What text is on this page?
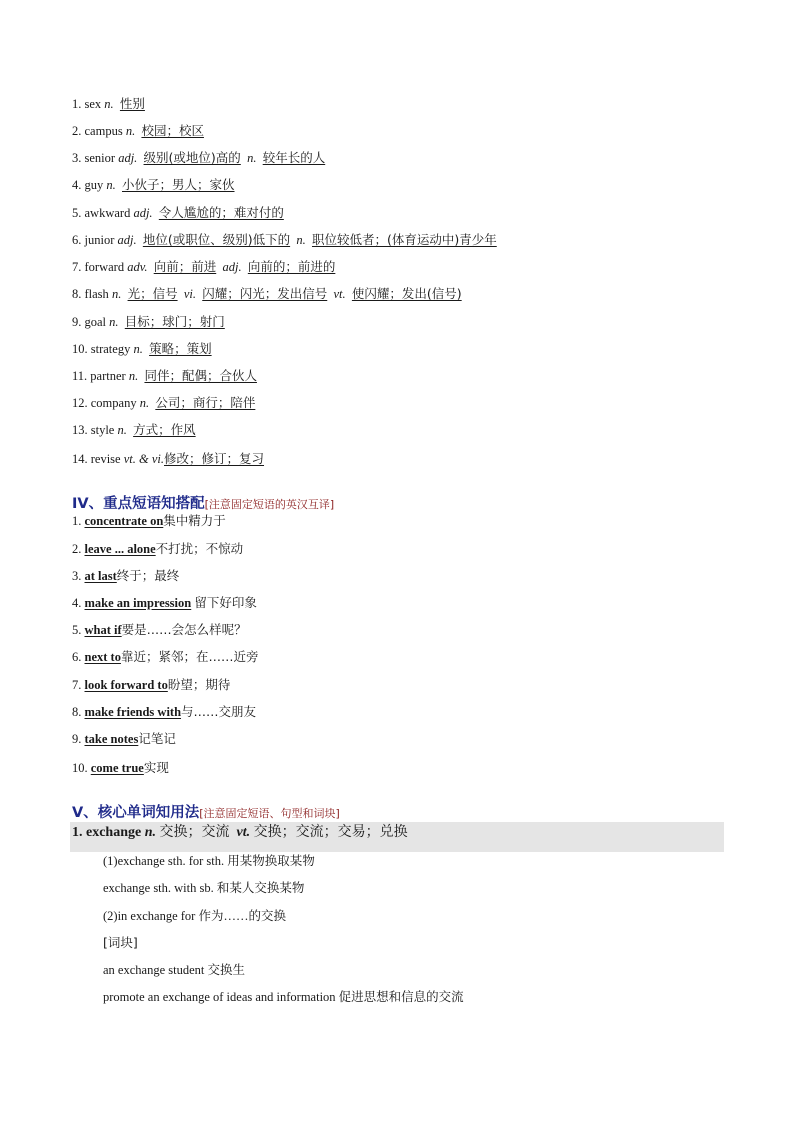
1. sex n. 性别
2. campus n. 校园；校区
3. senior adj. 级别(或地位)高的 n. 较年长的人
4. guy n. 小伙子；男人；家伙
5. awkward adj. 令人尴尬的；难对付的
6. junior adj. 地位(或职位、级别)低下的 n. 职位较低者；(体育运动中)青少年
7. forward adv. 向前；前进 adj. 向前的；前进的
8. flash n. 光；信号 vi. 闪耀；闪光；发出信号 vt. 使闪耀；发出(信号)
9. goal n. 目标；球门；射门
10. strategy n. 策略；策划
11. partner n. 同伴；配偶；合伙人
12. company n. 公司；商行；陪伴
13. style n. 方式；作风
14. revise vt. & vi.修改；修订；复习
IV、重点短语知搭配[注意固定短语的英汉互译]
1. concentrate on集中精力于
2. leave ... alone不打扰；不惊动
3. at last终于；最终
4. make an impression 留下好印象
5. what if要是……会怎么样呢？
6. next to靠近；紧邻；在……近旁
7. look forward to盼望；期待
8. make friends with与……交朋友
9. take notes记笔记
10. come true实现
V、核心单词知用法[注意固定短语、句型和词块]
1. exchange n. 交换；交流 vt. 交换；交流；交易；兑换
(1)exchange sth. for sth. 用某物换取某物
exchange sth. with sb. 和某人交换某物
(2)in exchange for 作为……的交换
[词块]
an exchange student 交换生
promote an exchange of ideas and information 促进思想和信息的交流
